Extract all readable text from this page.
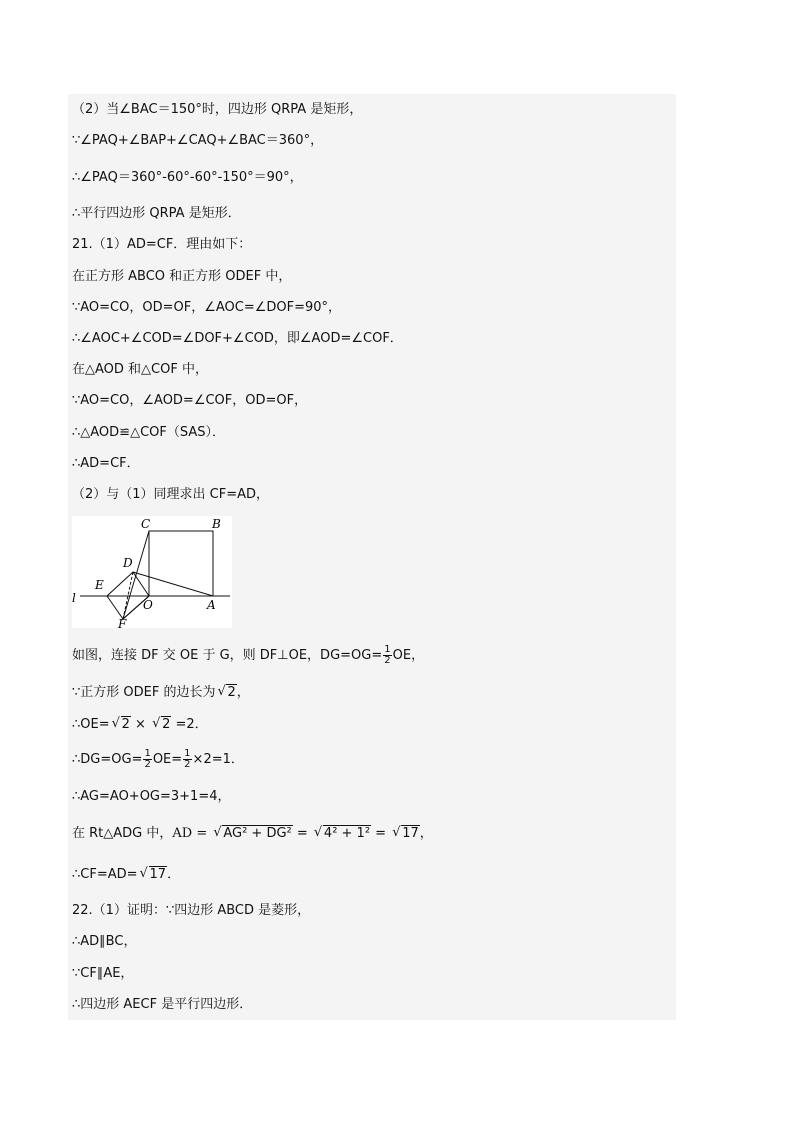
（2）当∠BAC＝150°时，四边形 QRPA 是矩形，
∵∠PAQ+∠BAP+∠CAQ+∠BAC＝360°，
∴∠PAQ＝360°-60°-60°-150°＝90°，
∴平行四边形 QRPA 是矩形．
21.（1）AD=CF．理由如下：
在正方形 ABCO 和正方形 ODEF 中，
∵AO=CO，OD=OF，∠AOC=∠DOF=90°，
∴∠AOC+∠COD=∠DOF+∠COD，即∠AOD=∠COF．
在△AOD 和△COF 中，
∵AO=CO，∠AOD=∠COF，OD=OF，
∴△AOD≌△COF（SAS）．
∴AD=CF．
（2）与（1）同理求出 CF=AD，
C	B
D
E
l	O	A
F
如图，连接 DF 交 OE 于 G，则 DF⊥OE，$DG=OG= \frac{1}{2}$ OE，
∵正方形 ODEF 的边长为 √ 2，
∴OE= √ 2 × √ 2 =2．
∴DG=OG= $\frac{1}{2} OE= \frac{1}{2} \times 2=1$．
∴AG=AO+OG=3+1=4，
在 Rt△ADG 中，AD = √ AG² + DG² = √ 4² + 1² = √ 17，
∴CF=AD= √ 17．
22.（1）证明：∵四边形 ABCD 是菱形，
∴AD∥BC，
∵CF∥AE，
∴四边形 AECF 是平行四边形．
